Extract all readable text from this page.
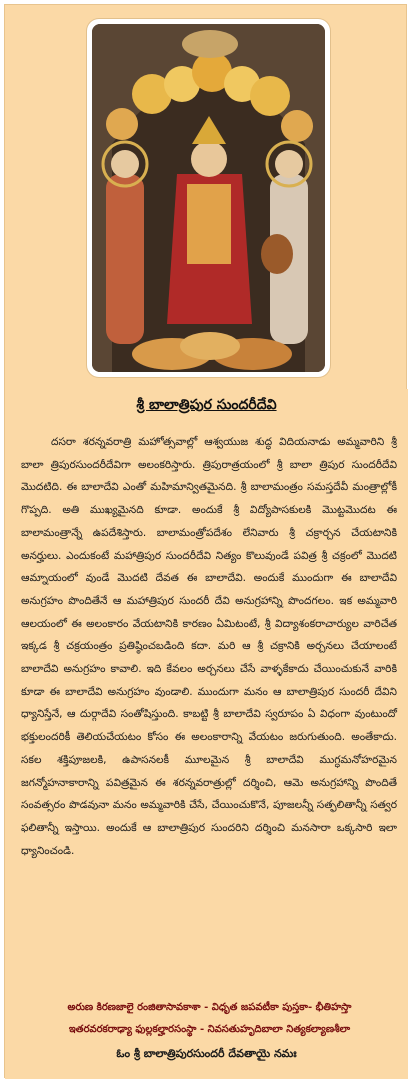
శ్రీ బాలాత్రిపుర సుందరీదేవి
దసరా శరన్నవరాత్రి మహోత్సవాల్లో ఆశ్వయుజ శుద్ధ విదియనాడు అమ్మవారిని శ్రీ బాలా త్రిపురసుందరీదేవిగా అలంకరిస్తారు. త్రిపురాత్రయంలో శ్రీ బాలా త్రిపుర సుందరీదేవి మొదటిది. ఈ బాలాదేవి ఎంతో మహిమాన్వితమైనది. శ్రీ బాలామంత్రం సమస్తదేవీ మంత్రాల్లోకీ గొప్పది. అతి ముఖ్యమైనది కూడా. అందుకే శ్రీ విద్యోపాసకులకి మొట్టమొదట ఈ బాలామంత్రాన్నే ఉపదేశిస్తారు. బాలామంత్రోపదేశం లేనివారు శ్రీ చక్రార్చన చేయటానికి అనర్హులు. ఎందుకంటే మహాత్రిపుర సుందరీదేవి నిత్యం కొలువుండే పవిత్ర శ్రీ చక్రంలో మొదటి ఆమ్నాయంలో వుండే మొదటి దేవత ఈ బాలాదేవి. అందుకే ముందుగా ఈ బాలాదేవి అనుగ్రహం పొందితేనే ఆ మహాత్రిపుర సుందరీ దేవి అనుగ్రహాన్ని పొందగలం. ఇక అమ్మవారి ఆలయంలో ఈ అలంకారం వేయటానికి కారణం ఏమిటంటే, శ్రీ విద్యాశంకరాచార్యుల వారిచేత ఇక్కడ శ్రీ చక్రయంత్రం ప్రతిష్ఠించబడింది కదా. మరి ఆ శ్రీ చక్రానికి అర్చనలు చేయాలంటే బాలాదేవి అనుగ్రహం కావాలి. ఇది కేవలం అర్చనలు చేసే వాళ్ళకేకాదు చేయించుకునే వారికి కూడా ఈ బాలాదేవి అనుగ్రహం వుండాలి. ముందుగా మనం ఆ బాలాత్రిపుర సుందరీ దేవిని ధ్యానిస్తేనే, ఆ దుర్గాదేవి సంతోషిస్తుంది. కాబట్టి శ్రీ బాలాదేవి స్వరూపం ఏ విధంగా వుంటుందో భక్తులందరికీ తెలియచేయటం కోసం ఈ అలంకారాన్ని వేయటం జరుగుతుంది. అంతేకాదు. సకల శక్తిపూజలకి, ఉపాసనలకీ మూలమైన శ్రీ బాలాదేవి ముగ్ధమనోహరమైన జగన్మోహనాకారాన్ని పవిత్రమైన ఈ శరన్నవరాత్రుల్లో దర్శించి, ఆమె అనుగ్రహాన్ని పొందితే సంవత్సరం పొడవునా మనం అమ్మవారికి చేసే, చేయించుకొనే, పూజలన్నీ సత్ఫలితాన్నీ సత్వర ఫలితాన్నీ ఇస్తాయి. అందుకే ఆ బాలాత్రిపుర సుందరిని దర్శించి మనసారా ఒక్కసారి ఇలా ధ్యానించండి.
అరుణ కిరణజాలై రంజితాసావకాశా - విధృత జపవటీకా పుస్తకా- భీతిహస్తా
ఇతరవరకరాఢ్యా ఫుల్లకల్హారసంస్థా - నివసతుహృదిబాలా నిత్యకల్యాణశీలా
ఓం శ్రీ బాలాత్రిపురసుందరీ దేవతాయై నమః
